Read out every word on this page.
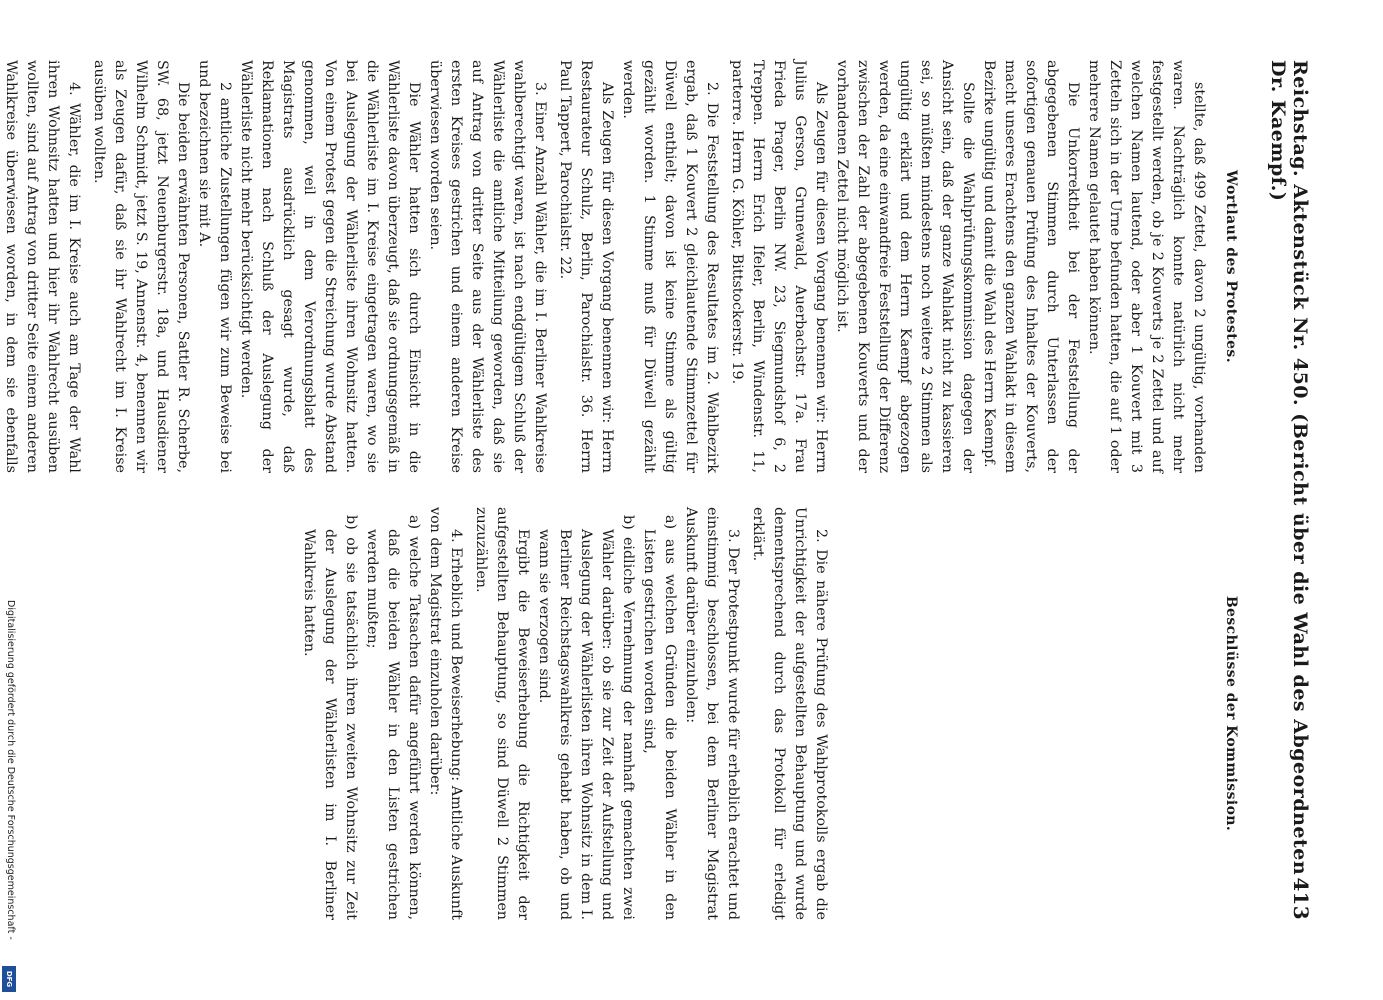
Reichstag. Aktenstück Nr. 450. (Bericht über die Wahl des Abgeordneten Dr. Kaempf.)
413
Wortlaut des Protestes.

stellte, daß 499 Zettel, davon 2 ungültig, vorhanden waren. Nachträglich konnte natürlich nicht mehr festgestellt werden, ob je 2 Kouverts je 2 Zettel und auf welchen Namen lautend, oder aber 1 Kouvert mit 3 Zetteln sich in der Urne befunden hatten, die auf 1 oder mehrere Namen gelautet haben können.

Die Unkorrektheit bei der Feststellung der abgegebenen Stimmen durch Unterlassen der sofortigen genauen Prüfung des Inhaltes der Kouverts, macht unseres Erachtens den ganzen Wahlakt in diesem Bezirke ungültig und damit die Wahl des Herrn Kaempf.

Sollte die Wahlprüfungskommission dagegen der Ansicht sein, daß der ganze Wahlakt nicht zu kassieren sei, so müßten mindestens noch weitere 2 Stimmen als ungültig erklärt und dem Herrn Kaempf abgezogen werden, da eine einwandfreie Feststellung der Differenz zwischen der Zahl der abgegebenen Kouverts und der vorhandenen Zettel nicht möglich ist.

Als Zeugen für diesen Vorgang benennen wir: Herrn Julius Gerson, Grunewald, Auerbachstr. 17a. Frau Frieda Prager, Berlin NW. 23, Siegmundshof 6, 2 Treppen. Herrn Erich Ifeler, Berlin, Windenstr. 11, parterre. Herrn G. Köhler, Bittstockerstr. 19.

2. Die Feststellung des Resultates im 2. Wahlbezirk ergab, daß 1 Kouvert 2 gleichlautende Stimmzettel für Düwell enthielt; davon ist keine Stimme als gültig gezählt worden. 1 Stimme muß für Düwell gezählt werden.

Als Zeugen für diesen Vorgang benennen wir: Herrn Restaurateur Schulz, Berlin, Parochialstr. 36. Herrn Paul Tappert, Parochialstr. 22.

3. Einer Anzahl Wähler, die im I. Berliner Wahlkreise wahlberechtigt waren, ist nach endgültigem Schluß der Wählerliste die amtliche Mitteilung geworden, daß sie auf Antrag von dritter Seite aus der Wählerliste des ersten Kreises gestrichen und einem anderen Kreise überwiesen worden seien.

Die Wähler hatten sich durch Einsicht in die Wählerliste davon überzeugt, daß sie ordnungsgemäß in die Wählerliste im I. Kreise eingetragen waren, wo sie bei Auslegung der Wählerliste ihren Wohnsitz hatten. Von einem Protest gegen die Streichung wurde Abstand genommen, weil in dem Verordnungsblatt des Magistrats ausdrücklich gesagt wurde, daß Reklamationen nach Schluß der Auslegung der Wählerliste nicht mehr berücksichtigt werden.

2 amtliche Zustellungen fügen wir zum Beweise bei und bezeichnen sie mit A.

Die beiden erwähnten Personen, Sattler R. Scherbe, SW. 68, jetzt Neuenburgerstr. 18a, und Hausdiener Wilhelm Schmidt, jetzt S. 19, Annenstr. 4, benennen wir als Zeugen dafür, daß sie ihr Wahlrecht im I. Kreise ausüben wollten.

4. Wähler, die im I. Kreise auch am Tage der Wahl ihren Wohnsitz hatten und hier ihr Wahlrecht ausüben wollten, sind auf Antrag von dritter Seite einem anderen Wahlkreise überwiesen worden, in dem sie ebenfalls

Beschlüsse der Kommission.

2. Die nähere Prüfung des Wahlprotokolls ergab die Unrichtigkeit der aufgestellten Behauptung und wurde dementsprechend durch das Protokoll für erledigt erklärt.

3. Der Protestpunkt wurde für erheblich erachtet und einstimmig beschlossen, bei dem Berliner Magistrat Auskunft darüber einzuholen:

a) aus welchen Gründen die beiden Wähler in den Listen gestrichen worden sind,

b) eidliche Vernehmung der namhaft gemachten zwei Wähler darüber: ob sie zur Zeit der Aufstellung und Auslegung der Wählerlisten ihren Wohnsitz in dem I. Berliner Reichstagswahlkreis gehabt haben, ob und wann sie verzogen sind.

Ergibt die Beweiserhebung die Richtigkeit der aufgestellten Behauptung, so sind Düwell 2 Stimmen zuzuzählen.

4. Erheblich und Beweiserhebung: Amtliche Auskunft von dem Magistrat einzuholen darüber:

a) welche Tatsachen dafür angeführt werden können, daß die beiden Wähler in den Listen gestrichen werden mußten;

b) ob sie tatsächlich ihren zweiten Wohnsitz zur Zeit der Auslegung der Wählerlisten im I. Berliner Wahlkreis hatten.

Digitalisierung gefördert durch die Deutsche Forschungsgemeinschaft -
DFG
